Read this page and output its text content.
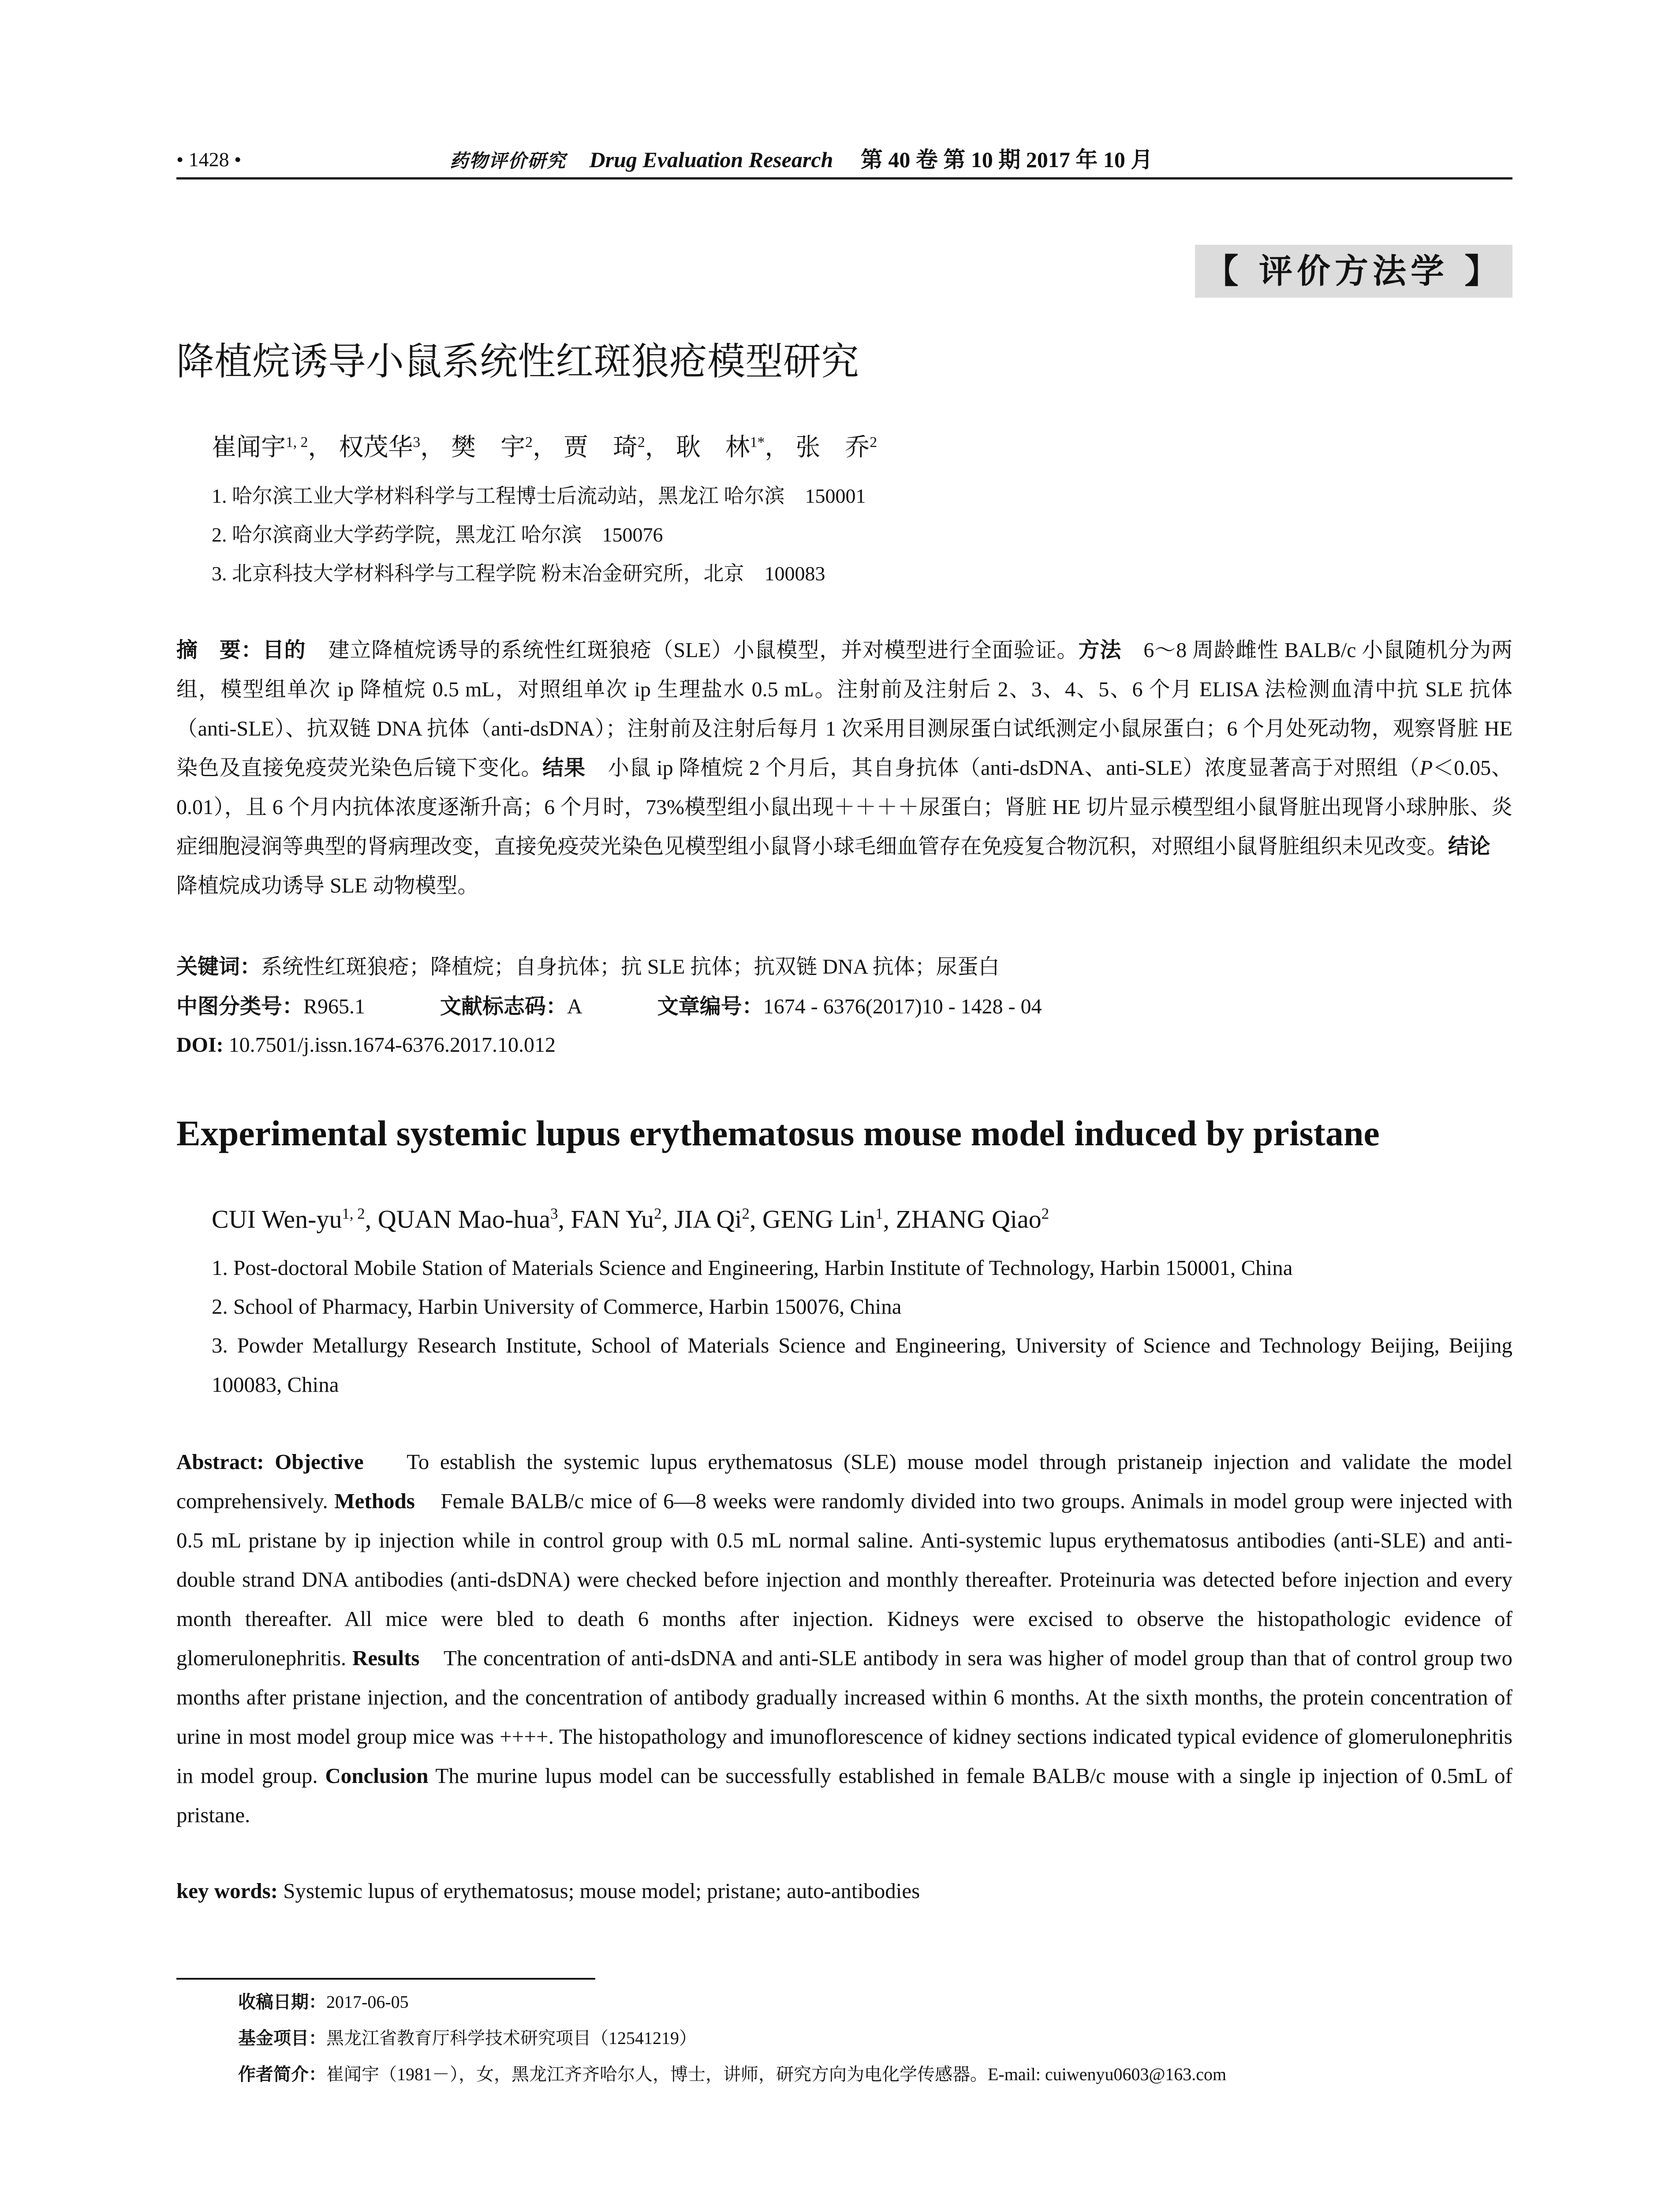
• 1428 •	药物评价研究 Drug Evaluation Research 第 40 卷 第 10 期 2017 年 10 月
【 评价方法学 】
降植烷诱导小鼠系统性红斑狼疮模型研究
崔闻宇$^{1, 2}$， 权茂华$^3$， 樊　宇$^2$， 贾　琦$^2$， 耿　林$^{1*}$， 张　乔$^2$
1. 哈尔滨工业大学材料科学与工程博士后流动站，黑龙江 哈尔滨　150001
2. 哈尔滨商业大学药学院，黑龙江 哈尔滨　150076
3. 北京科技大学材料科学与工程学院 粉末冶金研究所，北京　100083
摘　要：目的 建立降植烷诱导的系统性红斑狼疮（SLE）小鼠模型，并对模型进行全面验证。方法 6～8 周龄雌性 BALB/c 小鼠随机分为两组，模型组单次 ip 降植烷 0.5 mL，对照组单次 ip 生理盐水 0.5 mL。注射前及注射后 2、3、4、5、6 个月 ELISA 法检测血清中抗 SLE 抗体（anti-SLE）、抗双链 DNA 抗体（anti-dsDNA）；注射前及注射后每月 1 次采用目测尿蛋白试纸测定小鼠尿蛋白；6 个月处死动物，观察肾脏 HE 染色及直接免疫荧光染色后镜下变化。结果 小鼠 ip 降植烷 2 个月后，其自身抗体（anti-dsDNA、anti-SLE）浓度显著高于对照组（P＜0.05、0.01），且 6 个月内抗体浓度逐渐升高；6 个月时，73%模型组小鼠出现＋＋＋＋尿蛋白；肾脏 HE 切片显示模型组小鼠肾脏出现肾小球肿胀、炎症细胞浸润等典型的肾病理改变，直接免疫荧光染色见模型组小鼠肾小球毛细血管存在免疫复合物沉积，对照组小鼠肾脏组织未见改变。结论降植烷成功诱导 SLE 动物模型。
关键词：系统性红斑狼疮；降植烷；自身抗体；抗 SLE 抗体；抗双链 DNA 抗体；尿蛋白
中图分类号：R965.1	文献标志码：A	文章编号：1674 - 6376(2017)10 - 1428 - 04
DOI: 10.7501/j.issn.1674-6376.2017.10.012
Experimental systemic lupus erythematosus mouse model induced by pristane
CUI Wen-yu$^{1, 2}$, QUAN Mao-hua$^3$, FAN Yu$^2$, JIA Qi$^2$, GENG Lin$^1$, ZHANG Qiao$^2$
1. Post-doctoral Mobile Station of Materials Science and Engineering, Harbin Institute of Technology, Harbin 150001, China
2. School of Pharmacy, Harbin University of Commerce, Harbin 150076, China
3. Powder Metallurgy Research Institute, School of Materials Science and Engineering, University of Science and Technology Beijing, Beijing 100083, China
Abstract: Objective To establish the systemic lupus erythematosus (SLE) mouse model through pristaneip injection and validate the model comprehensively. Methods Female BALB/c mice of 6—8 weeks were randomly divided into two groups. Animals in model group were injected with 0.5 mL pristane by ip injection while in control group with 0.5 mL normal saline. Anti-systemic lupus erythematosus antibodies (anti-SLE) and anti-double strand DNA antibodies (anti-dsDNA) were checked before injection and monthly thereafter. Proteinuria was detected before injection and every month thereafter. All mice were bled to death 6 months after injection. Kidneys were excised to observe the histopathologic evidence of glomerulonephritis. Results The concentration of anti-dsDNA and anti-SLE antibody in sera was higher of model group than that of control group two months after pristane injection, and the concentration of antibody gradually increased within 6 months. At the sixth months, the protein concentration of urine in most model group mice was ++++. The histopathology and imunoflorescence of kidney sections indicated typical evidence of glomerulonephritis in model group. Conclusion The murine lupus model can be successfully established in female BALB/c mouse with a single ip injection of 0.5mL of pristane.
key words: Systemic lupus of erythematosus; mouse model; pristane; auto-antibodies
收稿日期：2017-06-05
基金项目：黑龙江省教育厅科学技术研究项目（12541219）
作者简介：崔闻宇（1981－），女，黑龙江齐齐哈尔人，博士，讲师，研究方向为电化学传感器。E-mail: cuiwenyu0603@163.com
